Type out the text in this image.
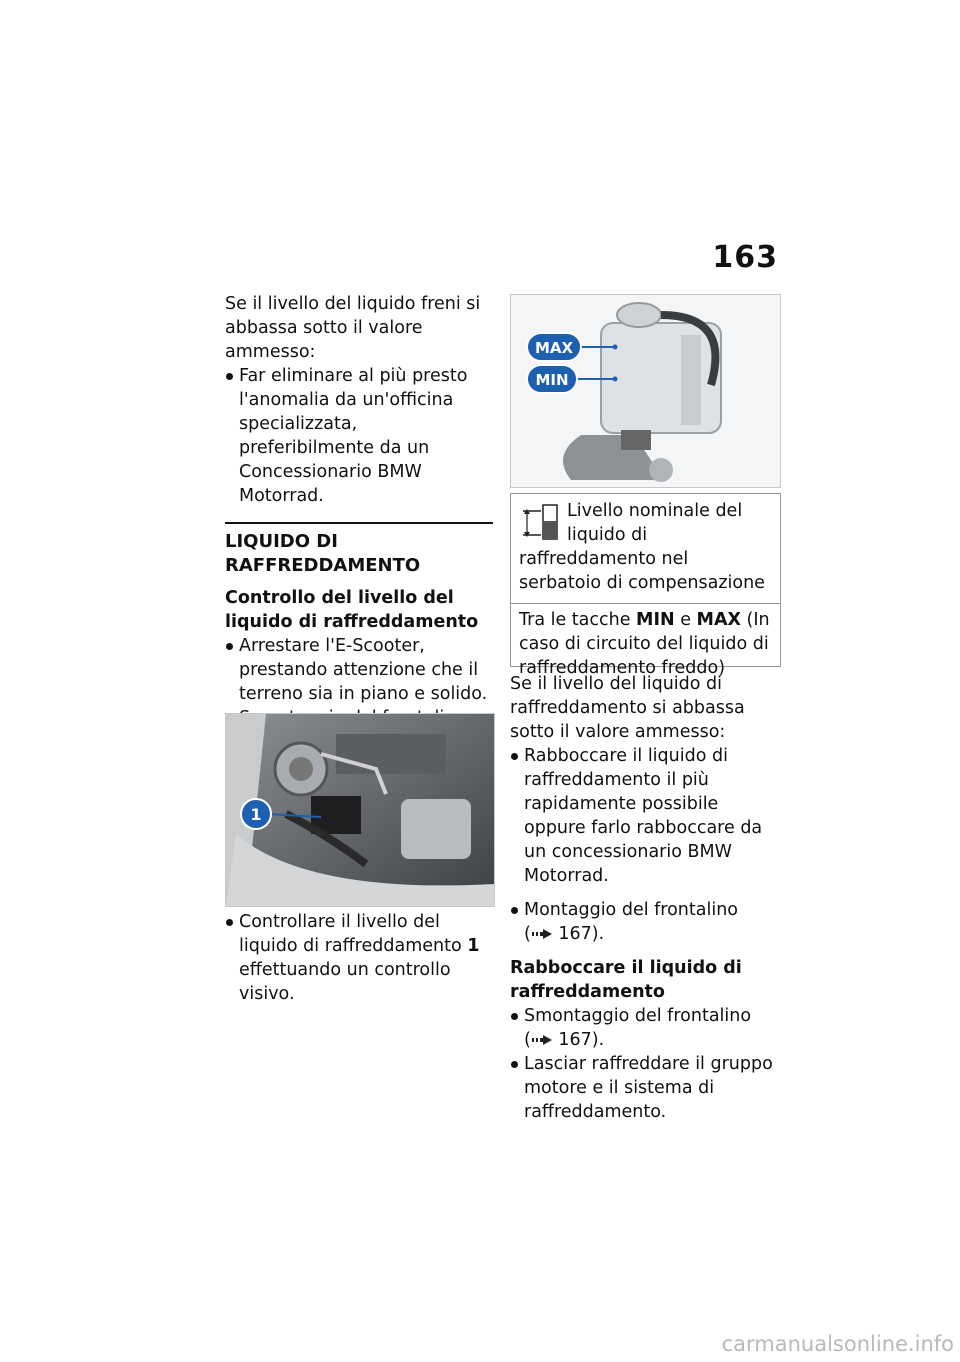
163

Se il livello del liquido freni si abbassa sotto il valore ammesso:

Far eliminare al più presto l'anomalia da un'officina specializzata, preferibilmente da un Concessionario BMW Motorrad.

LIQUIDO DI RAFFREDDAMENTO

Controllo del livello del liquido di raffreddamento

Arrestare l'E-Scooter, prestando attenzione che il terreno sia in piano e solido.

1

Controllare il livello del liquido di raffreddamento 1 effettuando un controllo visivo.

MAX
MIN

Livello nominale del liquido di raffreddamento nel serbatoio di compensazione

Tra le tacche MIN e MAX (In caso di circuito del liquido di raffreddamento freddo)

Se il livello del liquido di raffreddamento si abbassa sotto il valore ammesso:

Rabboccare il liquido di raffreddamento il più rapidamente possibile oppure farlo rabboccare da un concessionario BMW Motorrad.

Montaggio del frontalino
( 167).

Rabboccare il liquido di raffreddamento

Smontaggio del frontalino
( 167).

Lasciar raffreddare il gruppo motore e il sistema di raffreddamento.

carmanualsonline.info
